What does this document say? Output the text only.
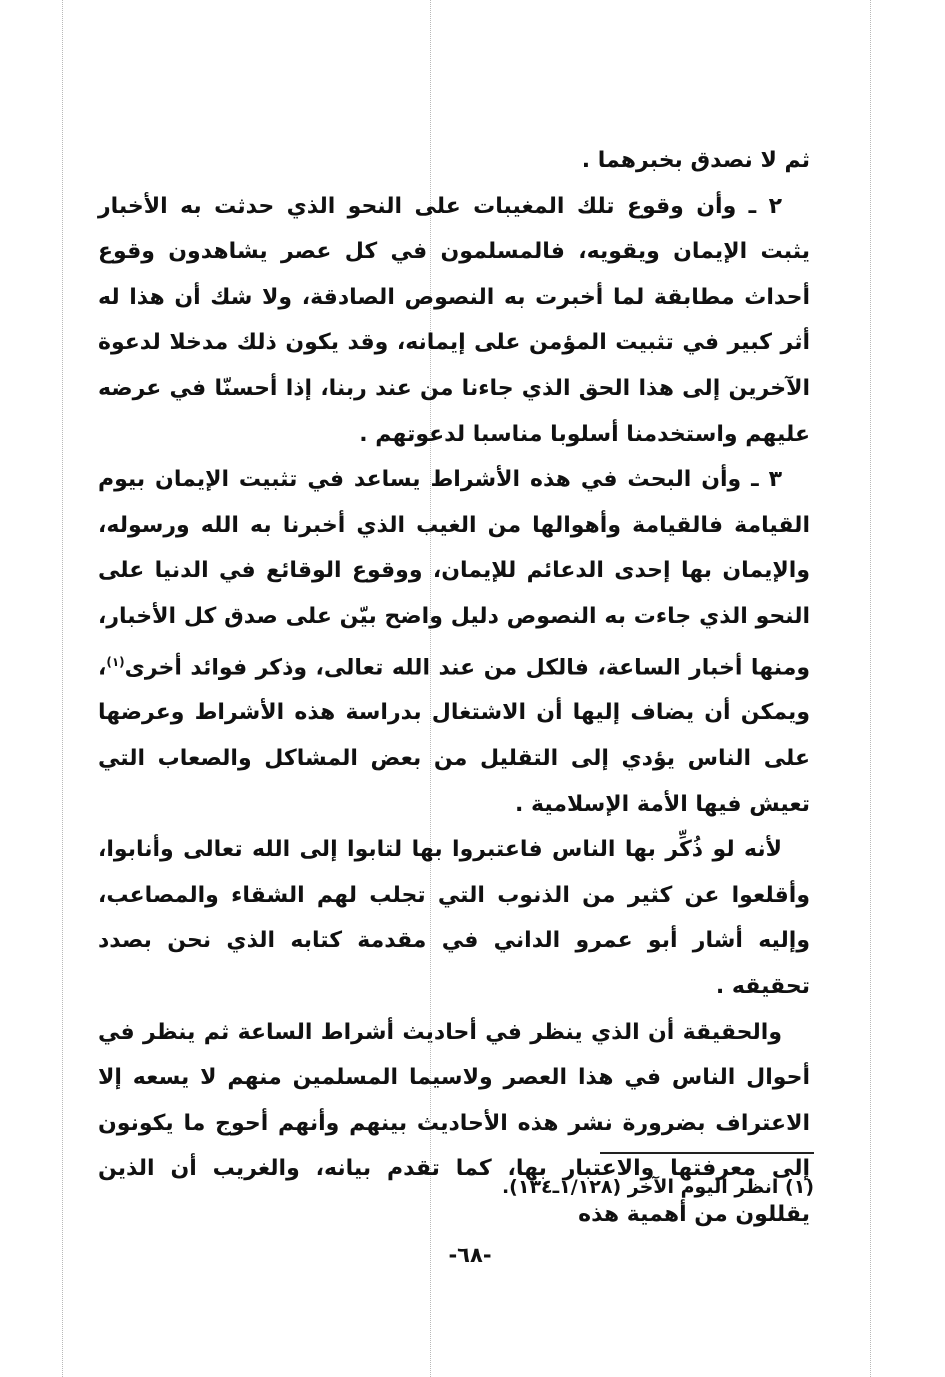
ثم لا نصدق بخبرهما .

٢ ـ وأن وقوع تلك المغيبات على النحو الذي حدثت به الأخبار يثبت الإيمان ويقويه، فالمسلمون في كل عصر يشاهدون وقوع أحداث مطابقة لما أخبرت به النصوص الصادقة، ولا شك أن هذا له أثر كبير في تثبيت المؤمن على إيمانه، وقد يكون ذلك مدخلا لدعوة الآخرين إلى هذا الحق الذي جاءنا من عند ربنا، إذا أحسنّا في عرضه عليهم واستخدمنا أسلوبا مناسبا لدعوتهم .

٣ ـ وأن البحث في هذه الأشراط يساعد في تثبيت الإيمان بيوم القيامة فالقيامة وأهوالها من الغيب الذي أخبرنا به الله ورسوله، والإيمان بها إحدى الدعائم للإيمان، ووقوع الوقائع في الدنيا على النحو الذي جاءت به النصوص دليل واضح بيّن على صدق كل الأخبار، ومنها أخبار الساعة، فالكل من عند الله تعالى، وذكر فوائد أخرى$^{(١)}$، ويمكن أن يضاف إليها أن الاشتغال بدراسة هذه الأشراط وعرضها على الناس يؤدي إلى التقليل من بعض المشاكل والصعاب التي تعيش فيها الأمة الإسلامية .

لأنه لو ذُكِّر بها الناس فاعتبروا بها لتابوا إلى الله تعالى وأنابوا، وأقلعوا عن كثير من الذنوب التي تجلب لهم الشقاء والمصاعب، وإليه أشار أبو عمرو الداني في مقدمة كتابه الذي نحن بصدد تحقيقه .

والحقيقة أن الذي ينظر في أحاديث أشراط الساعة ثم ينظر في أحوال الناس في هذا العصر ولاسيما المسلمين منهم لا يسعه إلا الاعتراف بضرورة نشر هذه الأحاديث بينهم وأنهم أحوج ما يكونون إلى معرفتها والاعتبار بها، كما تقدم بيانه، والغريب أن الذين يقللون من أهمية هذه

(١) انظر اليوم الآخر (١/١٢٨ـ١٣٤).
-٦٨-
